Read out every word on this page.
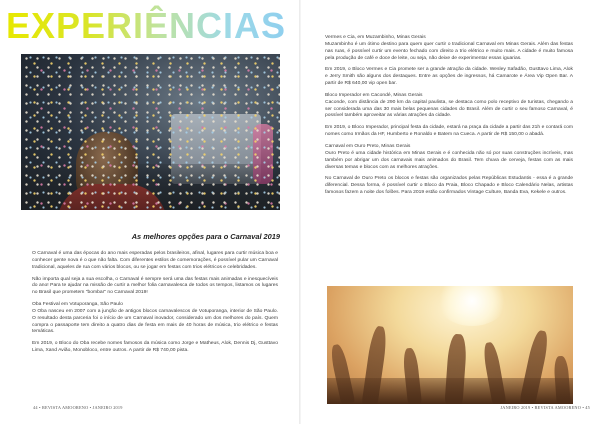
EXPERIÊNCIAS
As melhores opções para o Carnaval 2019

O Carnaval é uma das épocas do ano mais esperadas pelos brasileiros, afinal, lugares para curtir música boa e conhecer gente nova é o que não falta. Com diferentes estilos de comemorações, é possível pular um Carnaval tradicional, aqueles de rua com vários blocos, ou se jogar em festas com trios elétricos e celebridades.

Não importa qual seja a sua escolha, o Carnaval é sempre será uma das festas mais animadas e inesquecíveis do ano! Para te ajudar na missão de curtir a melhor folia carnavalesca de todos os tempos, listamos os lugares no Brasil que prometem "bombar" no Carnaval 2019!

Oba Festival em Votuporanga, São Paulo

O Oba nasceu em 2007 com a junção de antigos blocos carnavalescos de Votuporanga, interior de São Paulo. O resultado desta parceria foi o início de um Carnaval inovador, considerado um dos melhores do país. Quem compra o passaporte tem direito a quatro dias de festa em mais de 40 horas de música, trio elétrico e festas temáticas.

Em 2019, o Bloco do Oba recebe nomes famosos da música como Jorge e Matheus, Alok, Dennis Dj, Gusttavo Lima, Xand Avião, Monobloco, entre outros. A partir de R$ 740,00 pista.

44 • REVISTA AMOORENO • JANEIRO 2019

Vermes e Cia, em Muzambinho, Minas Gerais

Muzambinho é um ótimo destino para quem quer curtir o tradicional Carnaval em Minas Gerais. Além das festas nas ruas, é possível curtir um evento fechado com direito a trio elétrico e muito mais. A cidade é muito famosa pela produção de café e doce de leite, ou seja, não deixe de experimentar essas iguarias.

Em 2019, o Bloco Vermes e Cia promete ser a grande atração da cidade. Wesley Safadão, Gusttavo Lima, Alok e Jerry Smith são alguns dos destaques. Entre as opções de ingressos, há Camarote e Área Vip Open Bar. A partir de R$ 640,00 vip open bar.

Bloco Imperador em Cacondé, Minas Gerais

Caconde, com distância de 290 km da capital paulista, se destaca como polo receptivo de turistas, chegando a ser considerada uma das 30 mais belas pequenas cidades do Brasil. Além de curtir o seu famoso Carnaval, é possível também aproveitar as várias atrações da cidade.

Em 2019, o Bloco Imperador, principal festa da cidade, estará na praça da cidade a partir das 21h e contará com nomes como Irmãos da HF, Humberto e Ronaldo e Batem na Cueca. A partir de R$ 150,00 o abadá.

Carnaval em Ouro Preto, Minas Gerais

Ouro Preto é uma cidade histórica em Minas Gerais e é conhecida não só por suas construções incríveis, mas também por abrigar um dos carnavais mais animados do Brasil. Tem chuva de cerveja, festas com as mais diversas temas e blocos com as melhores atrações.

No Carnaval de Ouro Preto os blocos e festas são organizados pelas Repúblicas Estudantis - essa é a grande diferencial. Dessa forma, é possível curtir o Bloco da Praia, Bloco Chapado e Bloco Calendário Nelas, artistas famosos fazem a noite dos folões. Para 2019 estão confirmados Vintage Culture, Banda Eva, Kekele e outros.

JANEIRO 2019 • REVISTA AMOORENO • 45
